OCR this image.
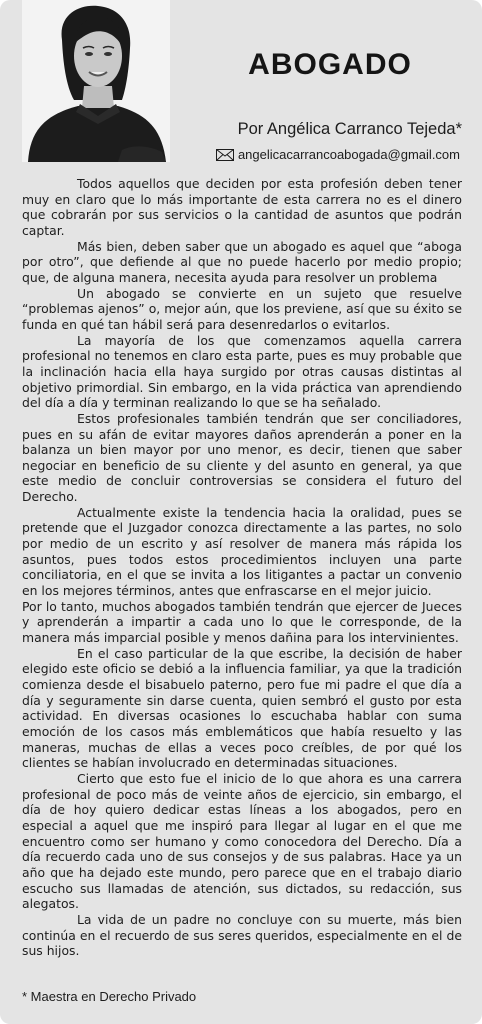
ABOGADO
Por Angélica Carranco Tejeda*
angelicacarrancoabogada@gmail.com

Todos aquellos que deciden por esta profesión deben tener muy en claro que lo más importante de esta carrera no es el dinero que cobrarán por sus servicios o la cantidad de asuntos que podrán captar.

Más bien, deben saber que un abogado es aquel que “aboga por otro”, que defiende al que no puede hacerlo por medio propio; que, de alguna manera, necesita ayuda para resolver un problema

Un abogado se convierte en un sujeto que resuelve “problemas ajenos” o, mejor aún, que los previene, así que su éxito se funda en qué tan hábil será para desenredarlos o evitarlos.

La mayoría de los que comenzamos aquella carrera profesional no tenemos en claro esta parte, pues es muy probable que la inclinación hacia ella haya surgido por otras causas distintas al objetivo primordial. Sin embargo, en la vida práctica van aprendiendo del día a día y terminan realizando lo que se ha señalado.

Estos profesionales también tendrán que ser conciliadores, pues en su afán de evitar mayores daños aprenderán a poner en la balanza un bien mayor por uno menor, es decir, tienen que saber negociar en beneficio de su cliente y del asunto en general, ya que este medio de concluir controversias se considera el futuro del Derecho.

Actualmente existe la tendencia hacia la oralidad, pues se pretende que el Juzgador conozca directamente a las partes, no solo por medio de un escrito y así resolver de manera más rápida los asuntos, pues todos estos procedimientos incluyen una parte conciliatoria, en el que se invita a los litigantes a pactar un convenio en los mejores términos, antes que enfrascarse en el mejor juicio.

Por lo tanto, muchos abogados también tendrán que ejercer de Jueces y aprenderán a impartir a cada uno lo que le corresponde, de la manera más imparcial posible y menos dañina para los intervinientes.

En el caso particular de la que escribe, la decisión de haber elegido este oficio se debió a la influencia familiar, ya que la tradición comienza desde el bisabuelo paterno, pero fue mi padre el que día a día y seguramente sin darse cuenta, quien sembró el gusto por esta actividad. En diversas ocasiones lo escuchaba hablar con suma emoción de los casos más emblemáticos que había resuelto y las maneras, muchas de ellas a veces poco creíbles, de por qué los clientes se habían involucrado en determinadas situaciones.

Cierto que esto fue el inicio de lo que ahora es una carrera profesional de poco más de veinte años de ejercicio, sin embargo, el día de hoy quiero dedicar estas líneas a los abogados, pero en especial a aquel que me inspiró para llegar al lugar en el que me encuentro como ser humano y como conocedora del Derecho. Día a día recuerdo cada uno de sus consejos y de sus palabras. Hace ya un año que ha dejado este mundo, pero parece que en el trabajo diario escucho sus llamadas de atención, sus dictados, su redacción, sus alegatos.

La vida de un padre no concluye con su muerte, más bien continúa en el recuerdo de sus seres queridos, especialmente en el de sus hijos.

* Maestra en Derecho Privado
